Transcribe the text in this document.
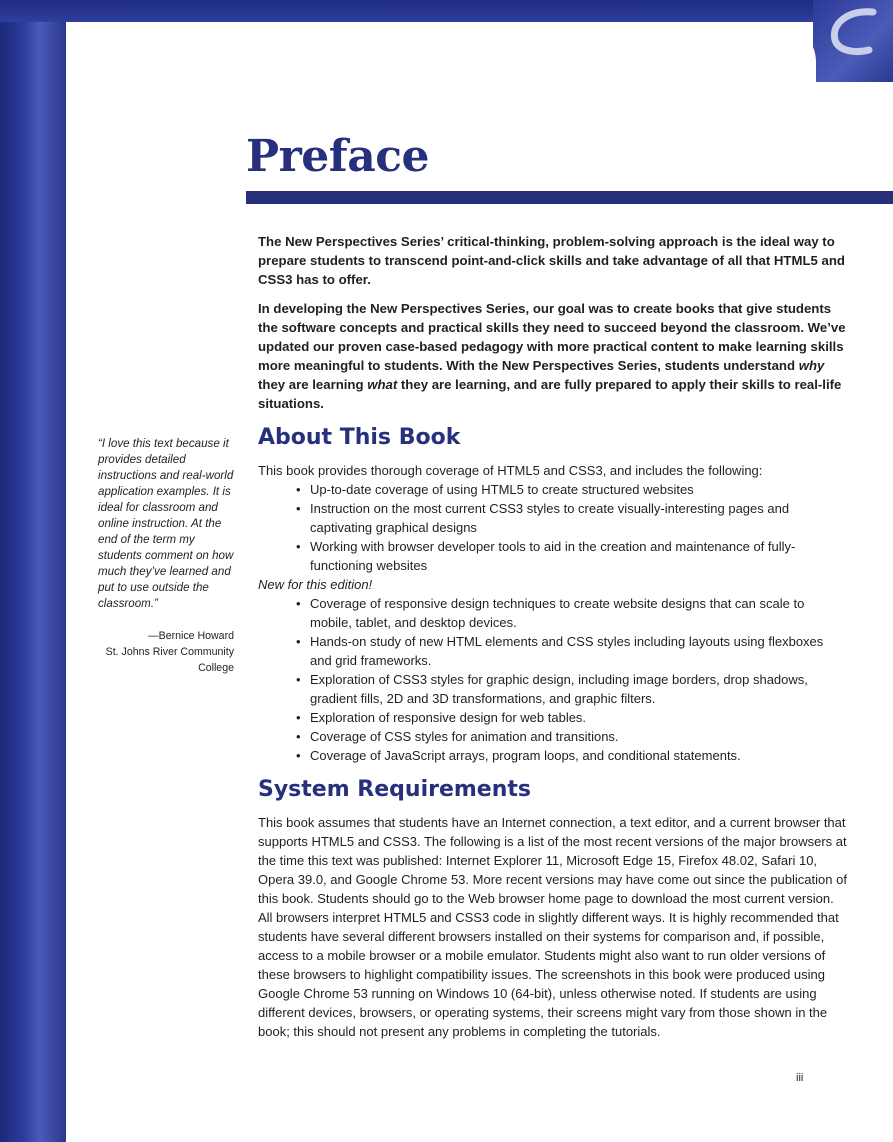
Preface

“I love this text because it provides detailed instructions and real-world application examples. It is ideal for classroom and online instruction. At the end of the term my students comment on how much they’ve learned and put to use outside the classroom.”

—Bernice Howard
St. Johns River Community
College

The New Perspectives Series’ critical-thinking, problem-solving approach is the ideal way to prepare students to transcend point-and-click skills and take advantage of all that HTML5 and CSS3 has to offer.

In developing the New Perspectives Series, our goal was to create books that give students the software concepts and practical skills they need to succeed beyond the classroom. We’ve updated our proven case-based pedagogy with more practical content to make learning skills more meaningful to students. With the New Perspectives Series, students understand why they are learning what they are learning, and are fully prepared to apply their skills to real-life situations.

About This Book

This book provides thorough coverage of HTML5 and CSS3, and includes the following:

• Up-to-date coverage of using HTML5 to create structured websites
• Instruction on the most current CSS3 styles to create visually-interesting pages and captivating graphical designs
• Working with browser developer tools to aid in the creation and maintenance of fully-functioning websites

New for this edition!

• Coverage of responsive design techniques to create website designs that can scale to mobile, tablet, and desktop devices.
• Hands-on study of new HTML elements and CSS styles including layouts using flexboxes and grid frameworks.
• Exploration of CSS3 styles for graphic design, including image borders, drop shadows, gradient fills, 2D and 3D transformations, and graphic filters.
• Exploration of responsive design for web tables.
• Coverage of CSS styles for animation and transitions.
• Coverage of JavaScript arrays, program loops, and conditional statements.
System Requirements

This book assumes that students have an Internet connection, a text editor, and a current browser that supports HTML5 and CSS3. The following is a list of the most recent versions of the major browsers at the time this text was published: Internet Explorer 11, Microsoft Edge 15, Firefox 48.02, Safari 10, Opera 39.0, and Google Chrome 53. More recent versions may have come out since the publication of this book. Students should go to the Web browser home page to download the most current version. All browsers interpret HTML5 and CSS3 code in slightly different ways. It is highly recommended that students have several different browsers installed on their systems for comparison and, if possible, access to a mobile browser or a mobile emulator. Students might also want to run older versions of these browsers to highlight compatibility issues. The screenshots in this book were produced using Google Chrome 53 running on Windows 10 (64-bit), unless otherwise noted. If students are using different devices, browsers, or operating systems, their screens might vary from those shown in the book; this should not present any problems in completing the tutorials.

iii
